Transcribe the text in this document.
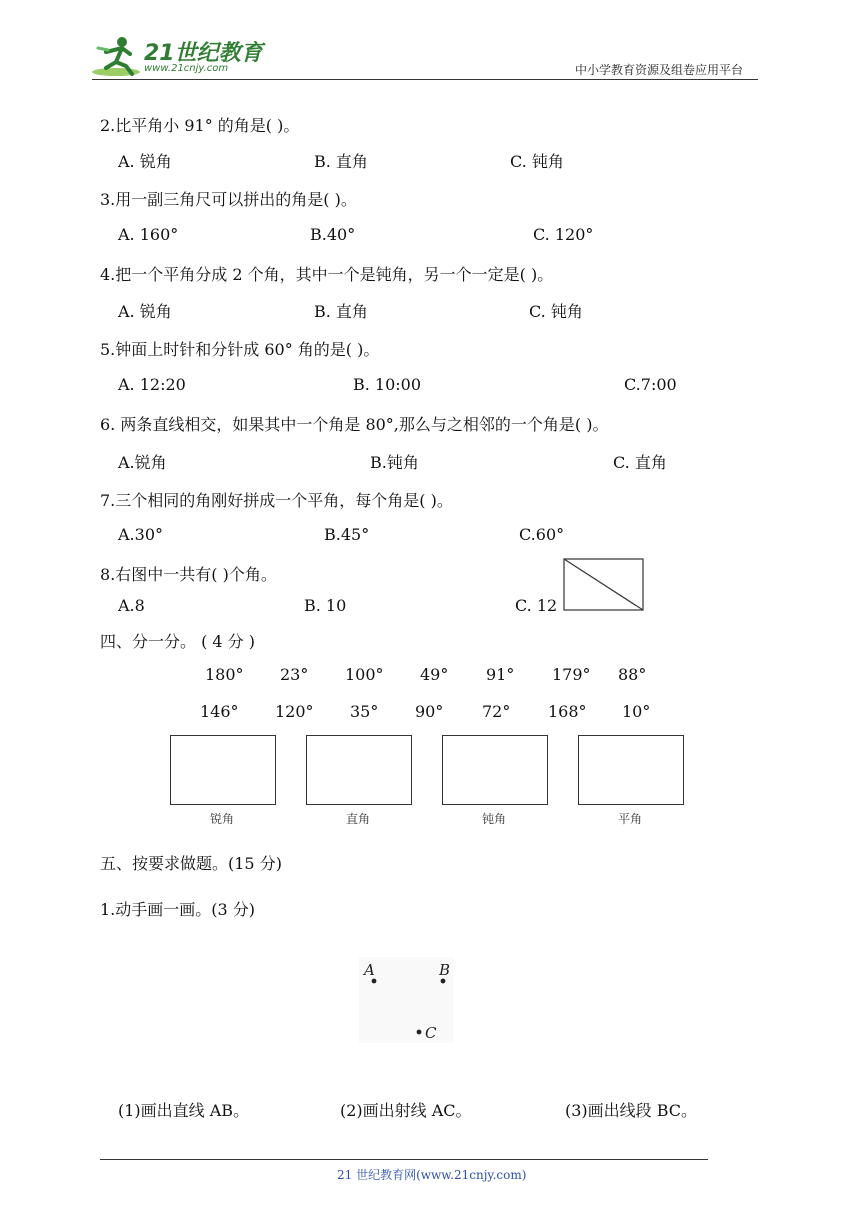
21世纪教育
www.21cnjy.com	中小学教育资源及组卷应用平台
2.比平角小 91° 的角是( )。
A. 锐角	B. 直角	C. 钝角
3.用一副三角尺可以拼出的角是( )。
A. 160°	B.40°	C. 120°
4.把一个平角分成 2 个角，其中一个是钝角，另一个一定是( )。
A. 锐角	B. 直角	C. 钝角
5.钟面上时针和分针成 60° 角的是( )。
A. 12:20	B. 10:00	C.7:00
6. 两条直线相交，如果其中一个角是 80°,那么与之相邻的一个角是( )。
A.锐角	B.钝角	C. 直角
7.三个相同的角刚好拼成一个平角，每个角是( )。
A.30°	B.45°	C.60°
8.右图中一共有( )个角。
A.8	B. 10	C. 12
四、分一分。 ( 4 分 )
180° 23° 100° 49° 91° 179° 88°
146° 120° 35° 90° 72° 168° 10°
锐角	直角	钝角	平角
五、按要求做题。(15 分)
1.动手画一画。(3 分)
A	B
C
(1)画出直线 AB。	(2)画出射线 AC。	(3)画出线段 BC。
21 世纪教育网(www.21cnjy.com)
